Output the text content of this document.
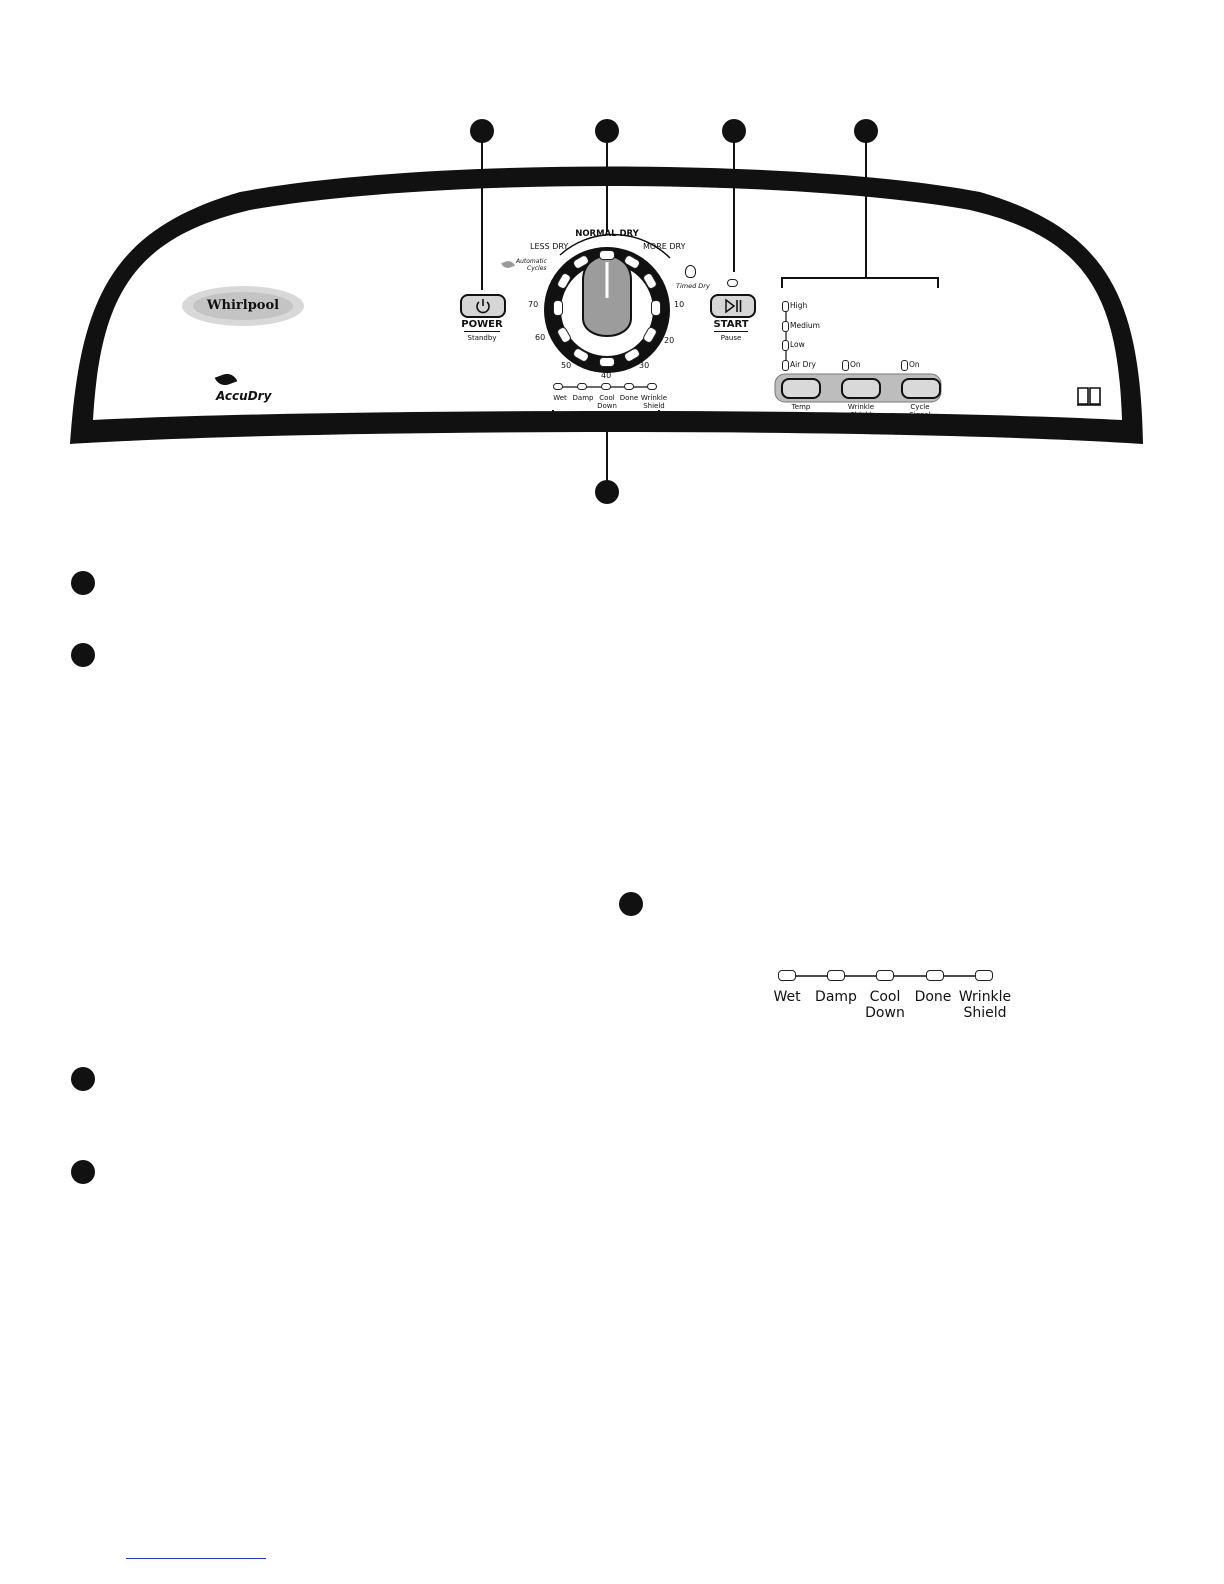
Whirlpool
AccuDry
POWER
Standby
START
Pause
NORMAL DRY
LESS DRY	MORE DRY
Automatic
Cycles
Timed Dry
70	10
60	20
50	30
40
Wet Damp Cool
Down
Done Wrinkle
Shield
High
Medium
Low
Air Dry	On	On
Temp	Wrinkle
Shield
Cycle
Signal
((•))
Wet	Damp Cool
Down
Done Wrinkle
Shield
